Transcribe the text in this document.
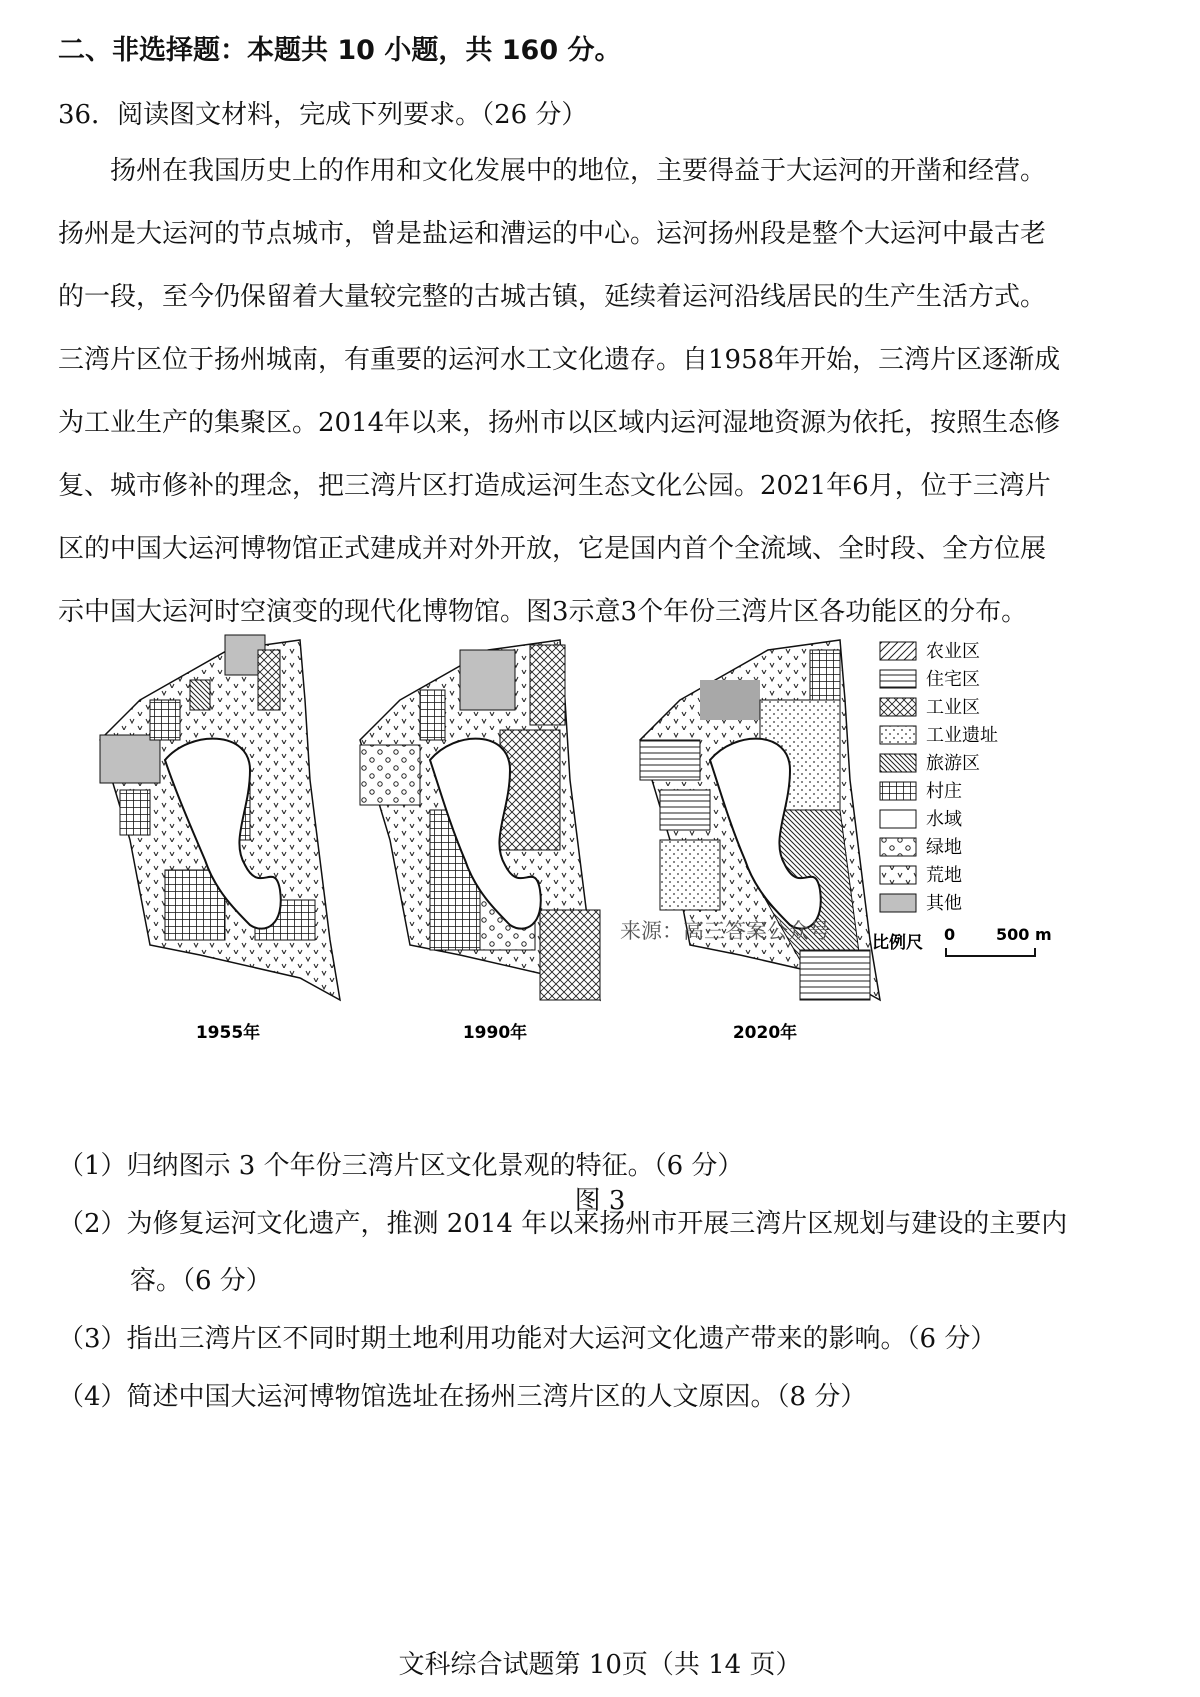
二、非选择题：本题共 10 小题，共 160 分。
36．阅读图文材料，完成下列要求。（26 分）
扬州在我国历史上的作用和文化发展中的地位，主要得益于大运河的开凿和经营。
扬州是大运河的节点城市，曾是盐运和漕运的中心。运河扬州段是整个大运河中最古老
的一段，至今仍保留着大量较完整的古城古镇，延续着运河沿线居民的生产生活方式。
三湾片区位于扬州城南，有重要的运河水工文化遗存。自1958年开始，三湾片区逐渐成
为工业生产的集聚区。2014年以来，扬州市以区域内运河湿地资源为依托，按照生态修
复、城市修补的理念，把三湾片区打造成运河生态文化公园。2021年6月，位于三湾片
区的中国大运河博物馆正式建成并对外开放，它是国内首个全流域、全时段、全方位展
示中国大运河时空演变的现代化博物馆。图3示意3个年份三湾片区各功能区的分布。
1955年	1990年	2020年
农业区
住宅区
工业区
工业遗址
旅游区
村庄
水域
绿地
荒地
其他
来源：高三答案公众号 比例尺 0	500 m
图 3
（1）归纳图示 3 个年份三湾片区文化景观的特征。（6 分）
（2）为修复运河文化遗产，推测 2014 年以来扬州市开展三湾片区规划与建设的主要内
容。（6 分）
（3）指出三湾片区不同时期土地利用功能对大运河文化遗产带来的影响。（6 分）
（4）简述中国大运河博物馆选址在扬州三湾片区的人文原因。（8 分）
文科综合试题第 10页（共 14 页）
